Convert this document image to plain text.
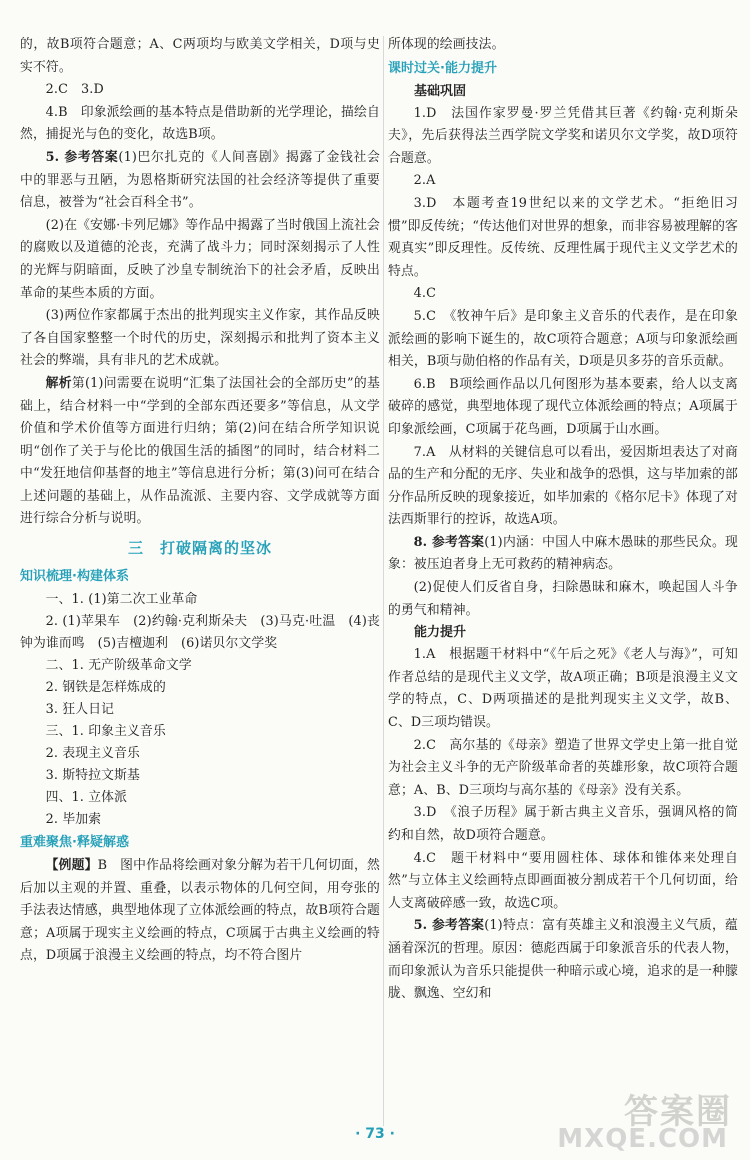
的，故B项符合题意；A、C两项均与欧美文学相关，D项与史实不符。

2.C　3.D

4.B　印象派绘画的基本特点是借助新的光学理论，描绘自然，捕捉光与色的变化，故选B项。

5. 参考答案(1)巴尔扎克的《人间喜剧》揭露了金钱社会中的罪恶与丑陋，为恩格斯研究法国的社会经济等提供了重要信息，被誉为“社会百科全书”。

(2)在《安娜·卡列尼娜》等作品中揭露了当时俄国上流社会的腐败以及道德的沦丧，充满了战斗力；同时深刻揭示了人性的光辉与阴暗面，反映了沙皇专制统治下的社会矛盾，反映出革命的某些本质的方面。

(3)两位作家都属于杰出的批判现实主义作家，其作品反映了各自国家整整一个时代的历史，深刻揭示和批判了资本主义社会的弊端，具有非凡的艺术成就。

解析第(1)问需要在说明“汇集了法国社会的全部历史”的基础上，结合材料一中“学到的全部东西还要多”等信息，从文学价值和学术价值等方面进行归纳；第(2)问在结合所学知识说明“创作了关于与伦比的俄国生活的插图”的同时，结合材料二中“发狂地信仰基督的地主”等信息进行分析；第(3)问可在结合上述问题的基础上，从作品流派、主要内容、文学成就等方面进行综合分析与说明。

三　打破隔离的坚冰
知识梳理·构建体系

一、1. (1)第二次工业革命

2. (1)苹果车　(2)约翰·克利斯朵夫　(3)马克·吐温　(4)丧钟为谁而鸣　(5)吉檀迦利　(6)诺贝尔文学奖

二、1. 无产阶级革命文学

2. 钢铁是怎样炼成的

3. 狂人日记

三、1. 印象主义音乐

2. 表现主义音乐

3. 斯特拉文斯基

四、1. 立体派

2. 毕加索

重难聚焦·释疑解惑

【例题】B　图中作品将绘画对象分解为若干几何切面，然后加以主观的并置、重叠，以表示物体的几何空间，用夸张的手法表达情感，典型地体现了立体派绘画的特点，故B项符合题意；A项属于现实主义绘画的特点，C项属于古典主义绘画的特点，D项属于浪漫主义绘画的特点，均不符合图片

所体现的绘画技法。

课时过关·能力提升
基础巩固

1.D　法国作家罗曼·罗兰凭借其巨著《约翰·克利斯朵夫》，先后获得法兰西学院文学奖和诺贝尔文学奖，故D项符合题意。

2.A

3.D　本题考查19世纪以来的文学艺术。“拒绝旧习惯”即反传统；“传达他们对世界的想象，而非容易被理解的客观真实”即反理性。反传统、反理性属于现代主义文学艺术的特点。

4.C

5.C　《牧神午后》是印象主义音乐的代表作，是在印象派绘画的影响下诞生的，故C项符合题意；A项与印象派绘画相关，B项与勋伯格的作品有关，D项是贝多芬的音乐贡献。

6.B　B项绘画作品以几何图形为基本要素，给人以支离破碎的感觉，典型地体现了现代立体派绘画的特点；A项属于印象派绘画，C项属于花鸟画，D项属于山水画。

7.A　从材料的关键信息可以看出，爱因斯坦表达了对商品的生产和分配的无序、失业和战争的恐惧，这与毕加索的部分作品所反映的现象接近，如毕加索的《格尔尼卡》体现了对法西斯罪行的控诉，故选A项。

8. 参考答案(1)内涵：中国人中麻木愚昧的那些民众。现象：被压迫者身上无可救药的精神病态。

(2)促使人们反省自身，扫除愚昧和麻木，唤起国人斗争的勇气和精神。

能力提升

1.A　根据题干材料中“《午后之死》《老人与海》”，可知作者总结的是现代主义文学，故A项正确；B项是浪漫主义文学的特点，C、D两项描述的是批判现实主义文学，故B、C、D三项均错误。

2.C　高尔基的《母亲》塑造了世界文学史上第一批自觉为社会主义斗争的无产阶级革命者的英雄形象，故C项符合题意；A、B、D三项均与高尔基的《母亲》没有关系。

3.D　《浪子历程》属于新古典主义音乐，强调风格的简约和自然，故D项符合题意。

4.C　题干材料中“要用圆柱体、球体和锥体来处理自然”与立体主义绘画特点即画面被分割成若干个几何切面，给人支离破碎感一致，故选C项。

5. 参考答案(1)特点：富有英雄主义和浪漫主义气质，蕴涵着深沉的哲理。原因：德彪西属于印象派音乐的代表人物，而印象派认为音乐只能提供一种暗示或心境，追求的是一种朦胧、飘逸、空幻和

· 73 ·
答案圈
MXQE.COM
